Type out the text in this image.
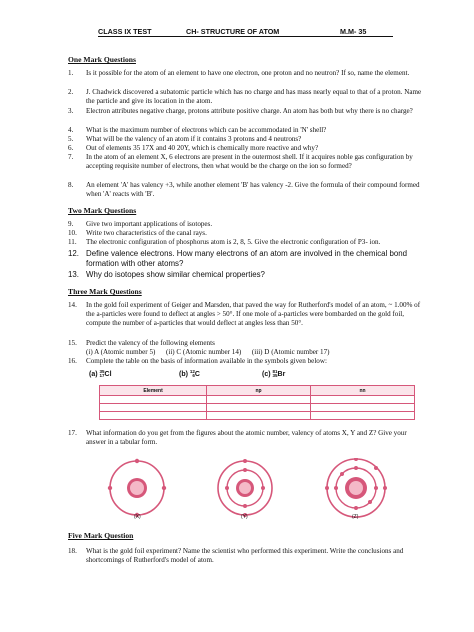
CLASS IX TEST	CH- STRUCTURE OF ATOM	M.M- 35
One Mark Questions
1.	Is it possible for the atom of an element to have one electron, one proton and no neutron? If so, name the element.
2.	J. Chadwick discovered a subatomic particle which has no charge and has mass nearly equal to that of a proton. Name the particle and give its location in the atom.
3.	Electron attributes negative charge, protons attribute positive charge. An atom has both but why there is no charge?
4.	What is the maximum number of electrons which can be accommodated in 'N' shell?
5.	What will be the valency of an atom if it contains 3 protons and 4 neutrons?
6.	Out of elements 35 17X and 40 20Y, which is chemically more reactive and why?
7.	In the atom of an element X, 6 electrons are present in the outermost shell. If it acquires noble gas configuration by accepting requisite number of electrons, then what would be the charge on the ion so formed?
8.	An element 'A' has valency +3, while another element 'B' has valency -2. Give the formula of their compound formed when 'A' reacts with 'B'.
Two Mark Questions
9.	Give two important applications of isotopes.
10.	Write two characteristics of the canal rays.
11.	The electronic configuration of phosphorus atom is 2, 8, 5. Give the electronic configuration of P3- ion.
12. Define valence electrons. How many electrons of an atom are involved in the chemical bond formation with other atoms?
13. Why do isotopes show similar chemical properties?
Three Mark Questions
14.	In the gold foil experiment of Geiger and Marsden, that paved the way for Rutherford's model of an atom, ~ 1.00% of the a-particles were found to deflect at angles > 50°. If one mole of a-particles were bombarded on the gold foil, compute the number of a-particles that would deflect at angles less than 50°.
15.	Predict the valency of the following elements
(i) A (Atomic number 5)      (ii) C (Atomic number 14)      (iii) D (Atomic number 17)
16.	Complete the table on the basis of information available in the symbols given below:
(a) 35
17 Cl	(b) 12
6 C	(c) 81
35 Br
Element	np	nn

17.	What information do you get from the figures about the atomic number, valency of atoms X, Y and Z? Give your answer in a tabular form.
(X)	(Y)	(Z)
Five Mark Question
18.	What is the gold foil experiment? Name the scientist who performed this experiment. Write the conclusions and shortcomings of Rutherford's model of atom.
